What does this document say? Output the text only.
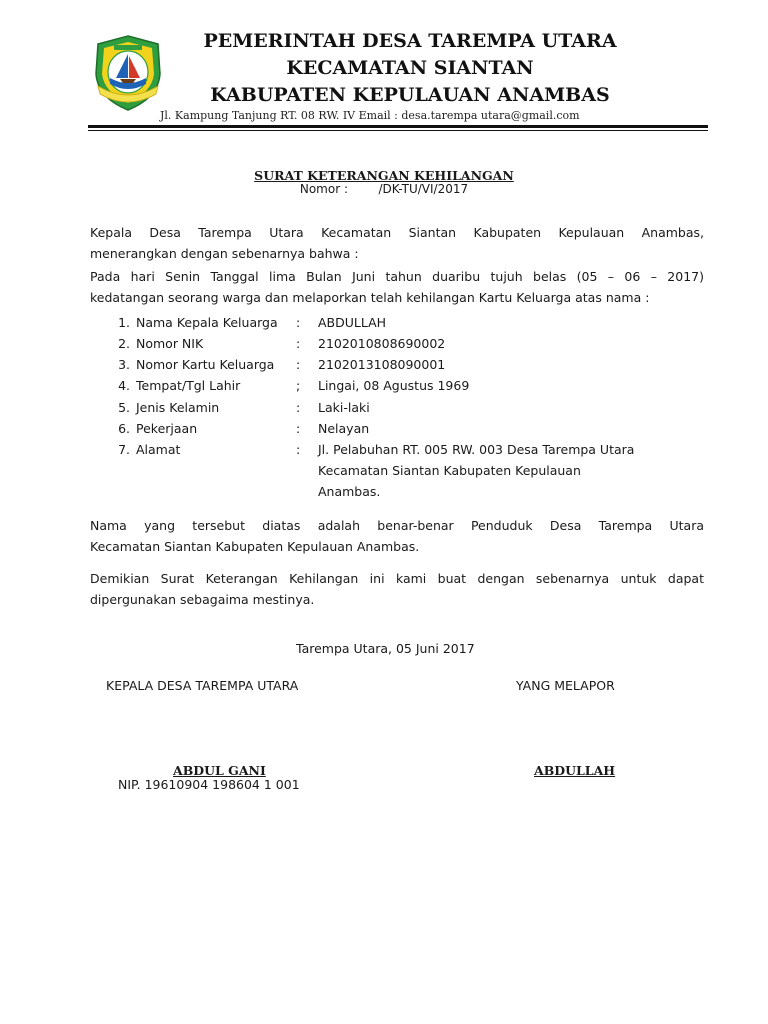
PEMERINTAH DESA TAREMPA UTARA
KECAMATAN SIANTAN
KABUPATEN KEPULAUAN ANAMBAS
Jl. Kampung Tanjung RT. 08 RW. IV Email : desa.tarempa utara@gmail.com
SURAT KETERANGAN KEHILANGAN
Nomor :        /DK-TU/VI/2017
Kepala Desa Tarempa Utara Kecamatan Siantan Kabupaten Kepulauan Anambas,
menerangkan dengan sebenarnya bahwa :
Pada hari Senin Tanggal lima Bulan Juni tahun duaribu tujuh belas (05 – 06 – 2017)
kedatangan seorang warga dan melaporkan telah kehilangan Kartu Keluarga atas nama :
1. Nama Kepala Keluarga : ABDULLAH
2. Nomor NIK	: 2102010808690002
3. Nomor Kartu Keluarga : 2102013108090001
4. Tempat/Tgl Lahir	; Lingai, 08 Agustus 1969
5. Jenis Kelamin	: Laki-laki
6. Pekerjaan	: Nelayan
7. Alamat	: Jl. Pelabuhan RT. 005 RW. 003 Desa Tarempa Utara
Kecamatan Siantan Kabupaten Kepulauan
Anambas.
Nama yang tersebut diatas adalah benar-benar Penduduk Desa Tarempa Utara
Kecamatan Siantan Kabupaten Kepulauan Anambas.
Demikian Surat Keterangan Kehilangan ini kami buat dengan sebenarnya untuk dapat
dipergunakan sebagaima mestinya.
Tarempa Utara, 05 Juni 2017
KEPALA DESA TAREMPA UTARA	YANG MELAPOR
ABDUL GANI	ABDULLAH
NIP. 19610904 198604 1 001
